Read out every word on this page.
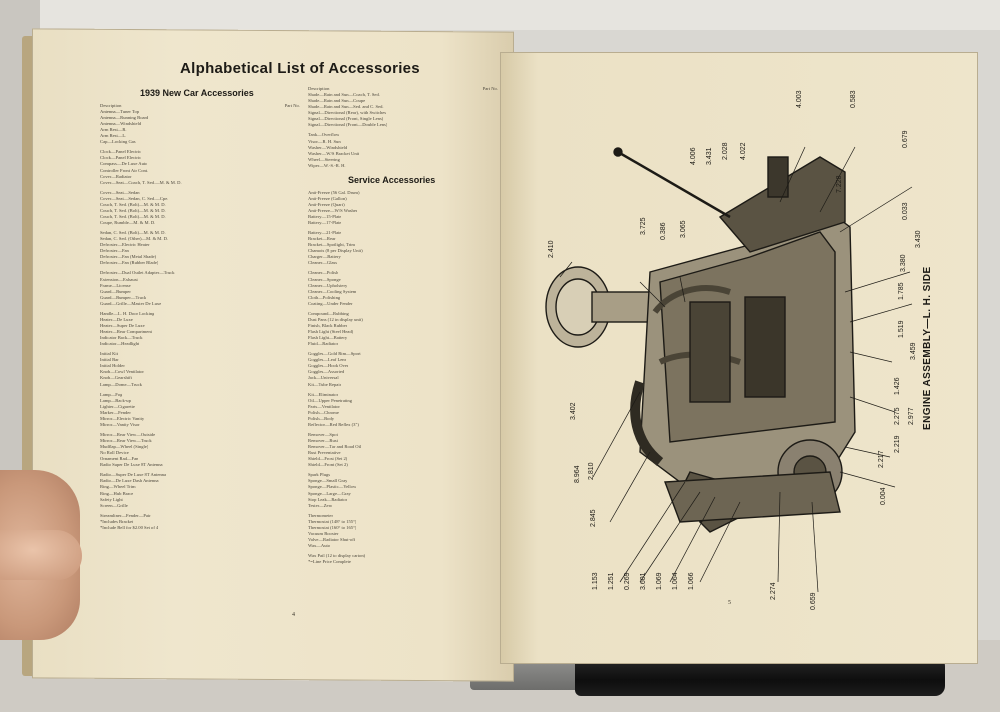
Alphabetical List of Accessories
1939 New Car Accessories
Description	Part No.
Antenna—Tuner Top
Antenna—Running Board
Antenna—Windshield
Arm Rest—R.
Arm Rest—L.
Cap—Locking Gas
Clock—Panel Electric
Clock—Panel Electric
Compass—De Luxe Auto
Controller Front Air Cont.
Cover—Radiator
Cover—Seat—Coach, T. Sed.—M. & M. D.
Cover—Seat—Sedan
Cover—Seat—Sedan, C. Sed.—Cpe.
Couch, T. Sed. (Bolt)—M. & M. D.
Couch, T. Sed. (Bolt)—M. & M. D.
Couch, T. Sed. (Bolt)—M. & M. D.
Coupe, Rumble—M. & M. D.
Sedan, C. Sed. (Bolt)—M. & M. D.
Sedan, C. Sed. (Other)—M. & M. D.
Defroster—Electric Heater
Defroster—Fan
Defroster—Fan (Metal Shade)
Defroster—Fan (Rubber Blade)
Defroster—Dual Outlet Adapter—Truck
Extension—Exhaust
Frame—License
Guard—Bumper
Guard—Bumper—Truck
Guard—Grille—Master De Luxe
Handle—L. H. Door Locking
Heater—De Luxe
Heater—Super De Luxe
Heater—Rear Compartment
Indicator Back—Truck
Indicator—Headlight
Initial Kit
Initial Bar
Initial Holder
Knob—Cowl Ventilator
Knob—Gearshift
Lamp—Dome—Truck
Lamp—Fog
Lamp—Back-up
Lighter—Cigarette
Marker—Fender
Mirror—Electric Vanity
Mirror—Vanity Visor
Mirror—Rear View—Outside
Mirror—Rear View—Truck
Mudflap—Wheel (Single)
No Roll Device
Ornament Rad—Fan
Radio Super De Luxe 8T Antenna
Radio—Super De Luxe 8T Antenna
Radio—De Luxe Dash Antenna
Ring—Wheel Trim
Ring—Hub Brace
Safety Light
Screen—Grille
Streamliner—Fender—Pair
*Includes Bracket
*Include Bell for $2.00 Set of 4
Description	Part No.
Shade—Rain and Sun—Coach, T. Sed.
Shade—Rain and Sun—Coupe
Shade—Rain and Sun—Sed. and C. Sed.
Signal—Directional (Rear), with Switches
Signal—Directional (Front, Single Lens)
Signal—Directional (Front—Double Lens)
Tank—Overflow
Visor—R. H. Sun
Washer—Windshield
Washer—W/S Bracket Unit
Wheel—Steering
Wiper—W.-S.-R. H.
Service Accessories
Anti-Freeze (56 Gal. Drum)
Anti-Freeze (Gallon)
Anti-Freeze (Quart)
Anti-Freeze—W/S Washer
Battery—15-Plate
Battery—17-Plate
Battery—21-Plate
Bracket—Rear
Bracket—Spotlight, Trim
Chamois (8 per Display Unit)
Charger—Battery
Cleaner—Glass
Cleaner—Polish
Cleaner—Sponge
Cleaner—Upholstery
Cleaner—Cooling System
Cloth—Polishing
Coating—Under Fender
Compound—Rubbing
Dust Pans (12 in display unit)
Finish, Black Rubber
Flash Light (Steel Head)
Flash Light—Battery
Fluid—Radiator
Goggles—Gold Rim—Sport
Goggles—Leaf Lens
Goggles—Hook Over
Goggles—Assorted
Jack—Universal
Kit—Tube Repair
Kit—Eliminator
Oil—Upper Penetrating
Parts—Ventilator
Polish—Chrome
Polish—Body
Reflector—Red Reflex (3")
Remover—Spot
Remover—Rust
Remover—Tar and Road Oil
Rust Preventative
Shield—Frost (Set 2)
Shield—Front (Set 2)
Spark Plugs
Sponge—Small Gray
Sponge—Plastic—Yellow
Sponge—Large—Gray
Stop Leak—Radiator
Tester—Zero
Thermometer
Thermostat (148° to 155°)
Thermostat (160° to 165°)
Vacuum Booster
Valve—Radiator Shut-off
Wax—Auto
Wax Pail (12 to display carton)
*=Line Price Complete
4
4.003	0.583
4.006 3.431 2.028 4.022
7.228
0.679
0.033
3.430
3.380
2.410
3.725 0.386 3.065
1.785
1.519
3.459
1.426
2.275 2.977
2.219
2.217
0.004
8.964 2.810
3.402
2.845
1.153 1.251 0.269 3.601 1.069 1.064 1.066
2.274
0.659
ENGINE ASSEMBLY—L. H. SIDE
5
